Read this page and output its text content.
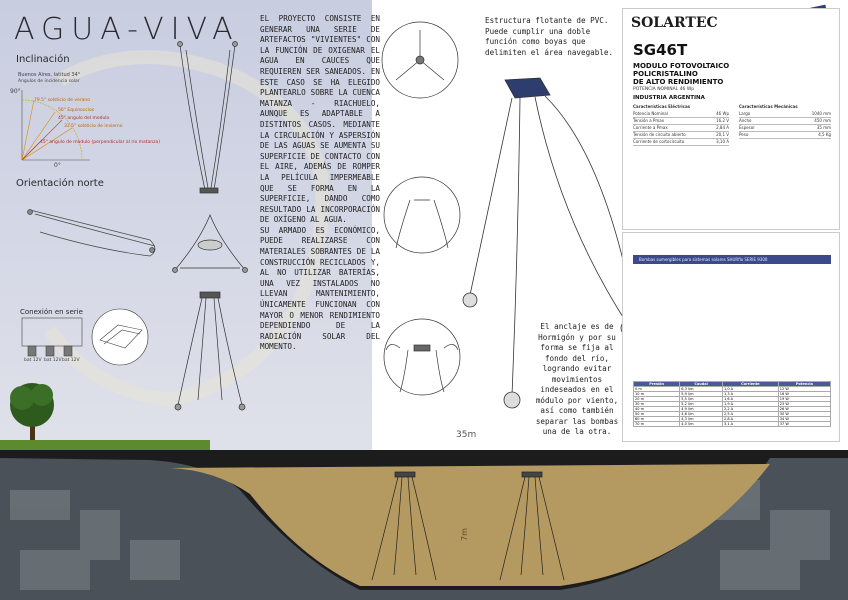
AGUA-VIVA
Inclinación
Buenos Aires, latitud 34°
Angulos de incidencia solar
90°
0°
79.5° solsticio de verano
56° Equinoccios
45° angulo del modulo
32.5° solsticio de invierno
45° angulo de modulo (perpendicular al rio matanza)
Orientación norte
Conexión en serie
bat 12V bat 12V bat 12V

EL PROYECTO CONSISTE EN GENERAR UNA SERIE DE ARTEFACTOS "VIVIENTES" CON LA FUNCIÓN DE OXIGENAR EL AGUA EN CAUCES QUE REQUIEREN SER SANEADOS. EN ESTE CASO SE HA ELEGIDO PLANTEARLO SOBRE LA CUENCA MATANZA - RIACHUELO, AUNQUE ES ADAPTABLE A DISTINTOS CASOS. MEDIANTE LA CIRCULACIÓN Y ASPERSIÓN DE LAS AGUAS SE AUMENTA SU SUPERFICIE DE CONTACTO CON EL AIRE, ADEMÁS DE ROMPER LA PELÍCULA IMPERMEABLE QUE SE FORMA EN LA SUPERFICIE, DANDO COMO RESULTADO LA INCORPORACIÓN DE OXÍGENO AL AGUA.

SU ARMADO ES ECONÓMICO, PUEDE REALIZARSE CON MATERIALES SOBRANTES DE LA CONSTRUCCIÓN RECICLADOS Y, AL NO UTILIZAR BATERÍAS, UNA VEZ INSTALADOS NO LLEVAN MANTENIMIENTO, ÚNICAMENTE FUNCIONAN CON MAYOR O MENOR RENDIMIENTO DEPENDIENDO DE LA RADIACIÓN SOLAR DEL MOMENTO.

Estructura flotante de PVC. Puede cumplir una doble función como boyas que delimiten el área navegable.
El anclaje es de Hormigón y por su forma se fija al fondo del río, logrando evitar movimientos indeseados en el módulo por viento, así como también separar las bombas una de la otra.
35m
SOLARTEC
SG46T
MODULO FOTOVOLTAICO
POLICRISTALINO
DE ALTO RENDIMIENTO
POTENCIA NOMINAL 46 Wp
INDUSTRIA ARGENTINA
Características Eléctricas	Características Mecánicas
Potencia Nominal	46 Wp
Tensión a Pmax	16,2 V
Corriente a Pmax	2,84 A
Tensión de circuito abierto	20,1 V
Corriente de cortocircuito	3,10 A
Largo	1040 mm
Ancho	450 mm
Espesor	35 mm
Peso	4,5 Kg
Bombas sumergibles para sistemas solares SHURflo SERIE 9300
Presión	Caudal	Corriente	Potencia
0 m	6,3 l/m	1,0 A	12 W
10 m	5,9 l/m	1,3 A	16 W
20 m	5,5 l/m	1,6 A	19 W
30 m	5,2 l/m	1,9 A	23 W
40 m	4,9 l/m	2,2 A	26 W
50 m	4,6 l/m	2,5 A	30 W
60 m	4,3 l/m	2,8 A	34 W
70 m	4,0 l/m	3,1 A	37 W
7m
